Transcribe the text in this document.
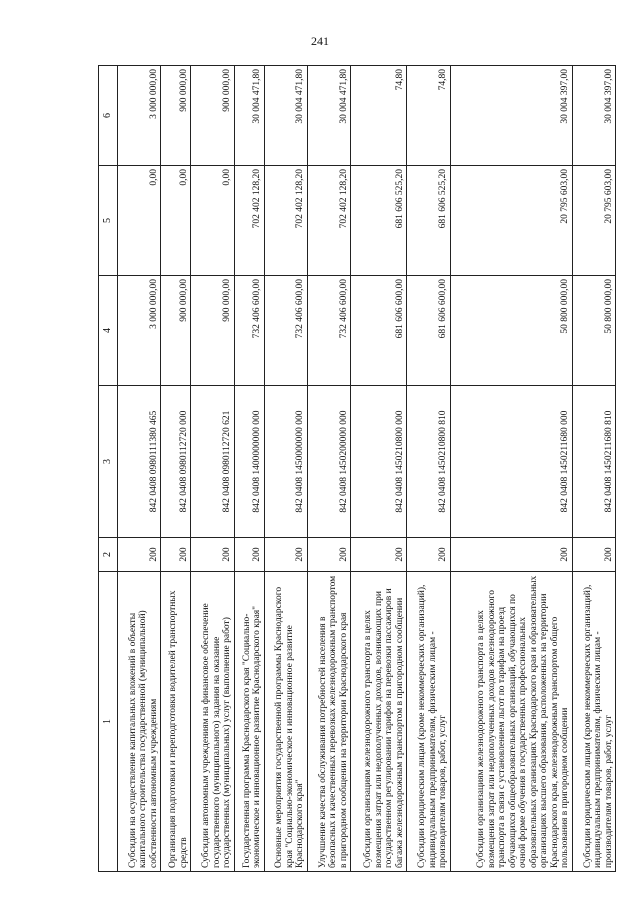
241
1	2	3	4	5	6
Субсидии на осуществление капитальных вложений в объекты капитального строительства государственной (муниципальной) собственности автономным учреждениям	200	842 0408 0980111380 465	3 000 000,00	0,00	3 000 000,00
Организация подготовки и переподготовки водителей транспортных средств	200	842 0408 0980112720 000	900 000,00	0,00	900 000,00
Субсидии автономным учреждениям на финансовое обеспечение государственного (муниципального) задания на оказание государственных (муниципальных) услуг (выполнение работ)	200	842 0408 0980112720 621	900 000,00	0,00	900 000,00
Государственная программа Краснодарского края "Социально-экономическое и инновационное развитие Краснодарского края"	200	842 0408 1400000000 000	732 406 600,00	702 402 128,20	30 004 471,80
Основные мероприятия государственной программы Краснодарского края "Социально-экономическое и инновационное развитие Краснодарского края"	200	842 0408 1450000000 000	732 406 600,00	702 402 128,20	30 004 471,80
Улучшение качества обслуживания потребностей населения в безопасных и качественных перевозках железнодорожным транспортом в пригородном сообщении на территории Краснодарского края	200	842 0408 1450200000 000	732 406 600,00	702 402 128,20	30 004 471,80
Субсидии организациям железнодорожного транспорта в целях возмещения затрат или недополученных доходов, возникающих при государственном регулировании тарифов на перевозки пассажиров и багажа железнодорожным транспортом в пригородном сообщении	200	842 0408 1450210800 000	681 606 600,00	681 606 525,20	74,80
Субсидии юридическим лицам (кроме некоммерческих организаций), индивидуальным предпринимателям, физическим лицам - производителям товаров, работ, услуг	200	842 0408 1450210800 810	681 606 600,00	681 606 525,20	74,80
Субсидии организациям железнодорожного транспорта в целях возмещения затрат или недополученных доходов железнодорожного транспорта в связи с установлением льгот по тарифам на проезд обучающихся общеобразовательных организаций, обучающихся по очной форме обучения в государственных профессиональных образовательных организациях Краснодарского края и образовательных организациях высшего образования, расположенных на территории Краснодарского края, железнодорожным транспортом общего пользования в пригородном сообщении	200	842 0408 1450211680 000	50 800 000,00	20 795 603,00	30 004 397,00
Субсидии юридическим лицам (кроме некоммерческих организаций), индивидуальным предпринимателям, физическим лицам - производителям товаров, работ, услуг	200	842 0408 1450211680 810	50 800 000,00	20 795 603,00	30 004 397,00
